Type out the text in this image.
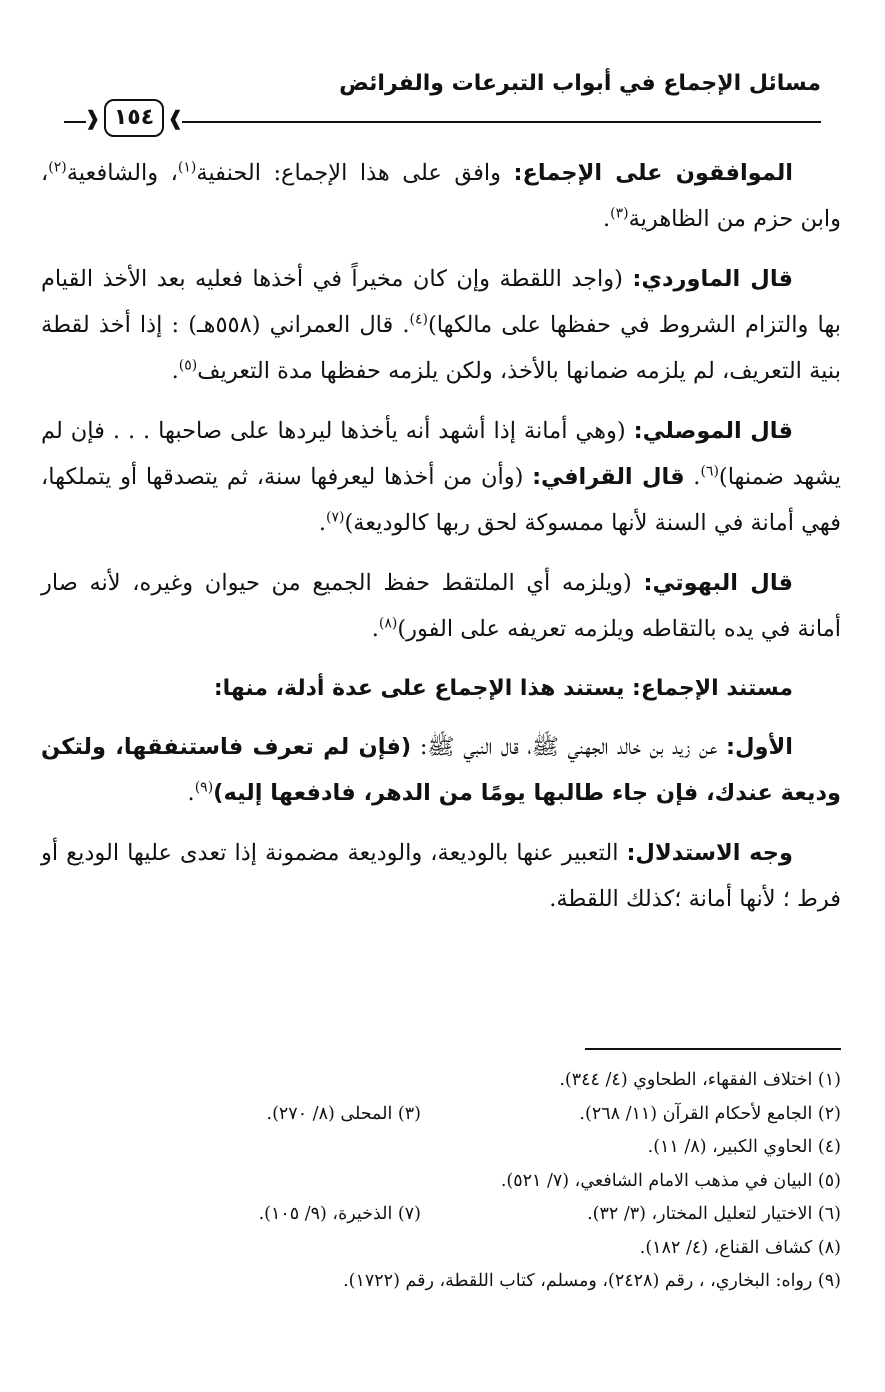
مسائل الإجماع في أبواب التبرعات والفرائض
❱
١٥٤
❰

الموافقون على الإجماع: وافق على هذا الإجماع: الحنفية$^{(١)}$، والشافعية$^{(٢)}$، وابن حزم من الظاهرية$^{(٣)}$.

قال الماوردي: (واجد اللقطة وإن كان مخيراً في أخذها فعليه بعد الأخذ القيام بها والتزام الشروط في حفظها على مالكها)$^{(٤)}$. قال العمراني (٥٥٨هـ) : إذا أخذ لقطة بنية التعريف، لم يلزمه ضمانها بالأخذ، ولكن يلزمه حفظها مدة التعريف$^{(٥)}$.

قال الموصلي: (وهي أمانة إذا أشهد أنه يأخذها ليردها على صاحبها . . . فإن لم يشهد ضمنها)$^{(٦)}$. قال القرافي: (وأن من أخذها ليعرفها سنة، ثم يتصدقها أو يتملكها، فهي أمانة في السنة لأنها ممسوكة لحق ربها كالوديعة)$^{(٧)}$.

قال البهوتي: (ويلزمه أي الملتقط حفظ الجميع من حيوان وغيره، لأنه صار أمانة في يده بالتقاطه ويلزمه تعريفه على الفور)$^{(٨)}$.

مستند الإجماع: يستند هذا الإجماع على عدة أدلة، منها:

الأول: عن زيد بن خالد الجهني ﷺ، قال النبي ﷺ: (فإن لم تعرف فاستنفقها، ولتكن وديعة عندك، فإن جاء طالبها يومًا من الدهر، فادفعها إليه)$^{(٩)}$.

وجه الاستدلال: التعبير عنها بالوديعة، والوديعة مضمونة إذا تعدى عليها الوديع أو فرط ؛ لأنها أمانة ؛كذلك اللقطة.

(١) اختلاف الفقهاء، الطحاوي (٤/ ٣٤٤).
(٢) الجامع لأحكام القرآن (١١/ ٢٦٨).
(٣) المحلى (٨/ ٢٧٠).
(٤) الحاوي الكبير، (٨/ ١١).
(٥) البيان في مذهب الامام الشافعي، (٧/ ٥٢١).
(٦) الاختيار لتعليل المختار، (٣/ ٣٢).
(٧) الذخيرة، (٩/ ١٠٥).
(٨) كشاف القناع، (٤/ ١٨٢).
(٩) رواه: البخاري، ، رقم (٢٤٢٨)، ومسلم، كتاب اللقطة، رقم (١٧٢٢).
